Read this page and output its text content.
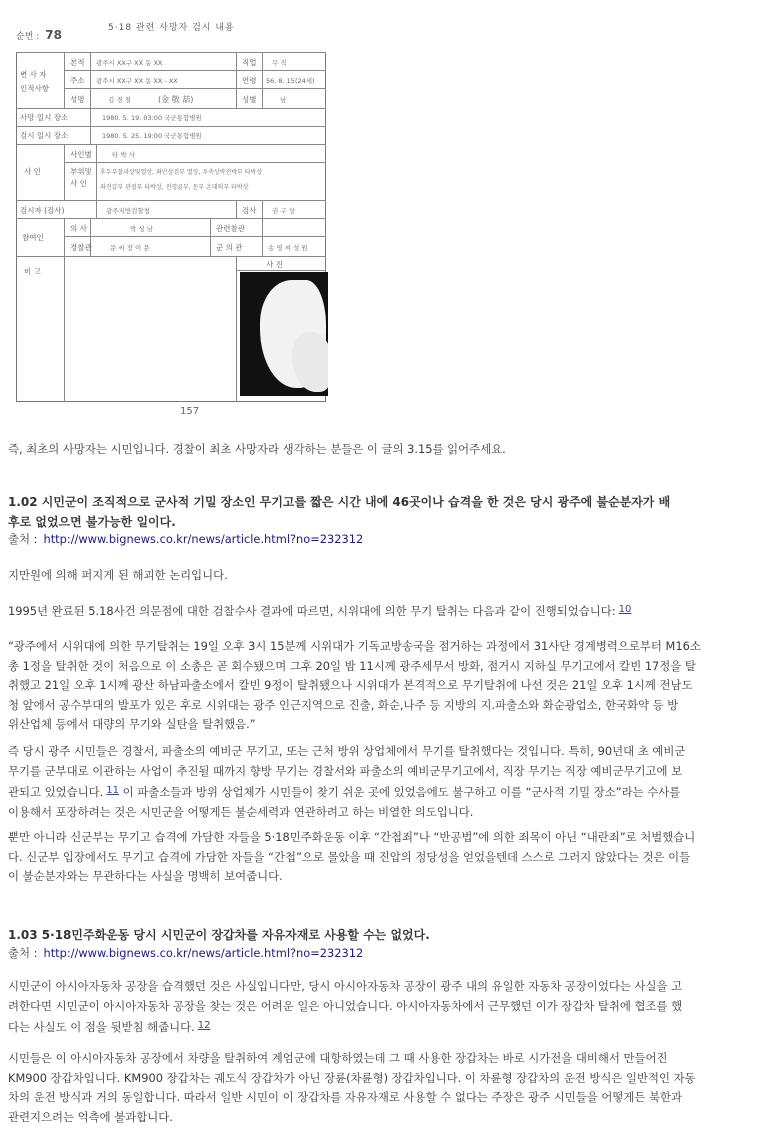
순번 : 78	5·18 관련 사망자 검시 내용
변 사 자
인적사항
본적 광주시 XX구 XX 동 XX	직업 무 직
주소 광주시 XX구 XX 동 XX - XX	연령 56. 8. 15(24세)
성명	김 경 철	(金 敬 喆)	성별	남
사망 일시 장소	1980. 5. 19. 03:00 국군통합병원
검시 일시 장소	1980. 5. 25. 19:00 국군통합병원
사 인
사인별	타 박 사
부위및
사 인
후두부찰과상및열상, 좌안상검부 열상, 우측상박전박부 타박상
좌견갑부 관절부 타박상, 전경골부, 둔부 온대퇴부 타박상
검시자 (검사)	광주지방검찰청	검사 권 구 상
참여인
의 사	박 성 남	관련참관
경찰관	문 씨 장 이 문	군 의 관	송 영 씨 성 원
비 고
사 진
157

즉, 최초의 사망자는 시민입니다. 경찰이 최초 사망자라 생각하는 분들은 이 글의 3.15를 읽어주세요.

1.02 시민군이 조직적으로 군사적 기밀 장소인 무기고를 짧은 시간 내에 46곳이나 습격을 한 것은 당시 광주에 불순분자가 배
후로 없었으면 불가능한 일이다.

출처 : http://www.bignews.co.kr/news/article.html?no=232312

지만원에 의해 퍼지게 된 해괴한 논리입니다.

1995년 완료된 5.18사건 의문점에 대한 검찰수사 결과에 따르면, 시위대에 의한 무기 탈취는 다음과 같이 진행되었습니다: 10

“광주에서 시위대에 의한 무기탈취는 19일 오후 3시 15분께 시위대가 기독교방송국을 점거하는 과정에서 31사단 경계병력으로부터 M16소
총 1정을 탈취한 것이 처음으로 이 소총은 곧 회수됐으며 그후 20일 밤 11시께 광주세무서 방화, 점거시 지하실 무기고에서 칼빈 17정을 탈
취했고 21일 오후 1시께 광산 하남파출소에서 칼빈 9정이 탈취됐으나 시위대가 본격적으로 무기탈취에 나선 것은 21일 오후 1시께 전남도
청 앞에서 공수부대의 발포가 있은 후로 시위대는 광주 인근지역으로 진출, 화순,나주 등 지방의 지.파출소와 화순광업소, 한국화약 등 방
위산업체 등에서 대량의 무기와 실탄을 탈취했음.”

즉 당시 광주 시민들은 경찰서, 파출소의 예비군 무기고, 또는 근처 방위 상업체에서 무기를 탈취했다는 것입니다. 특히, 90년대 초 예비군
무기를 군부대로 이관하는 사업이 추진될 때까지 향방 무기는 경찰서와 파출소의 예비군무기고에서, 직장 무기는 직장 예비군무기고에 보
관되고 있었습니다. 11 이 파출소들과 방위 상업체가 시민들이 찾기 쉬운 곳에 있었음에도 불구하고 이를 “군사적 기밀 장소”라는 수사를
이용해서 포장하려는 것은 시민군을 어떻게든 불순세력과 연관하려고 하는 비열한 의도입니다.

뿐만 아니라 신군부는 무기고 습격에 가담한 자들을 5·18민주화운동 이후 “간첩죄”나 “반공법”에 의한 죄목이 아닌 “내란죄”로 처벌했습니
다. 신군부 입장에서도 무기고 습격에 가담한 자들을 “간첩”으로 몰았을 때 진압의 정당성을 얻었을텐데 스스로 그러지 않았다는 것은 이들
이 불순분자와는 무관하다는 사실을 명백히 보여줍니다.

1.03 5·18민주화운동 당시 시민군이 장갑차를 자유자재로 사용할 수는 없었다.

출처 : http://www.bignews.co.kr/news/article.html?no=232312

시민군이 아시아자동차 공장을 습격했던 것은 사실입니다만, 당시 아시아자동차 공장이 광주 내의 유일한 자동차 공장이었다는 사실을 고
려한다면 시민군이 아시아자동차 공장을 찾는 것은 어려운 일은 아니었습니다. 아시아자동차에서 근무했던 이가 장갑차 탈취에 협조를 했
다는 사실도 이 점을 뒷받침 해줍니다. 12

시민들은 이 아시아자동차 공장에서 차량을 탈취하여 계엄군에 대항하였는데 그 때 사용한 장갑차는 바로 시가전을 대비해서 만들어진
KM900 장갑차입니다. KM900 장갑차는 궤도식 장갑차가 아닌 장륜(차륜형) 장갑차입니다. 이 차륜형 장갑차의 운전 방식은 일반적인 자동
차의 운전 방식과 거의 동일합니다. 따라서 일반 시민이 이 장갑차를 자유자재로 사용할 수 없다는 주장은 광주 시민들을 어떻게든 북한과
관련지으려는 억측에 불과합니다.
